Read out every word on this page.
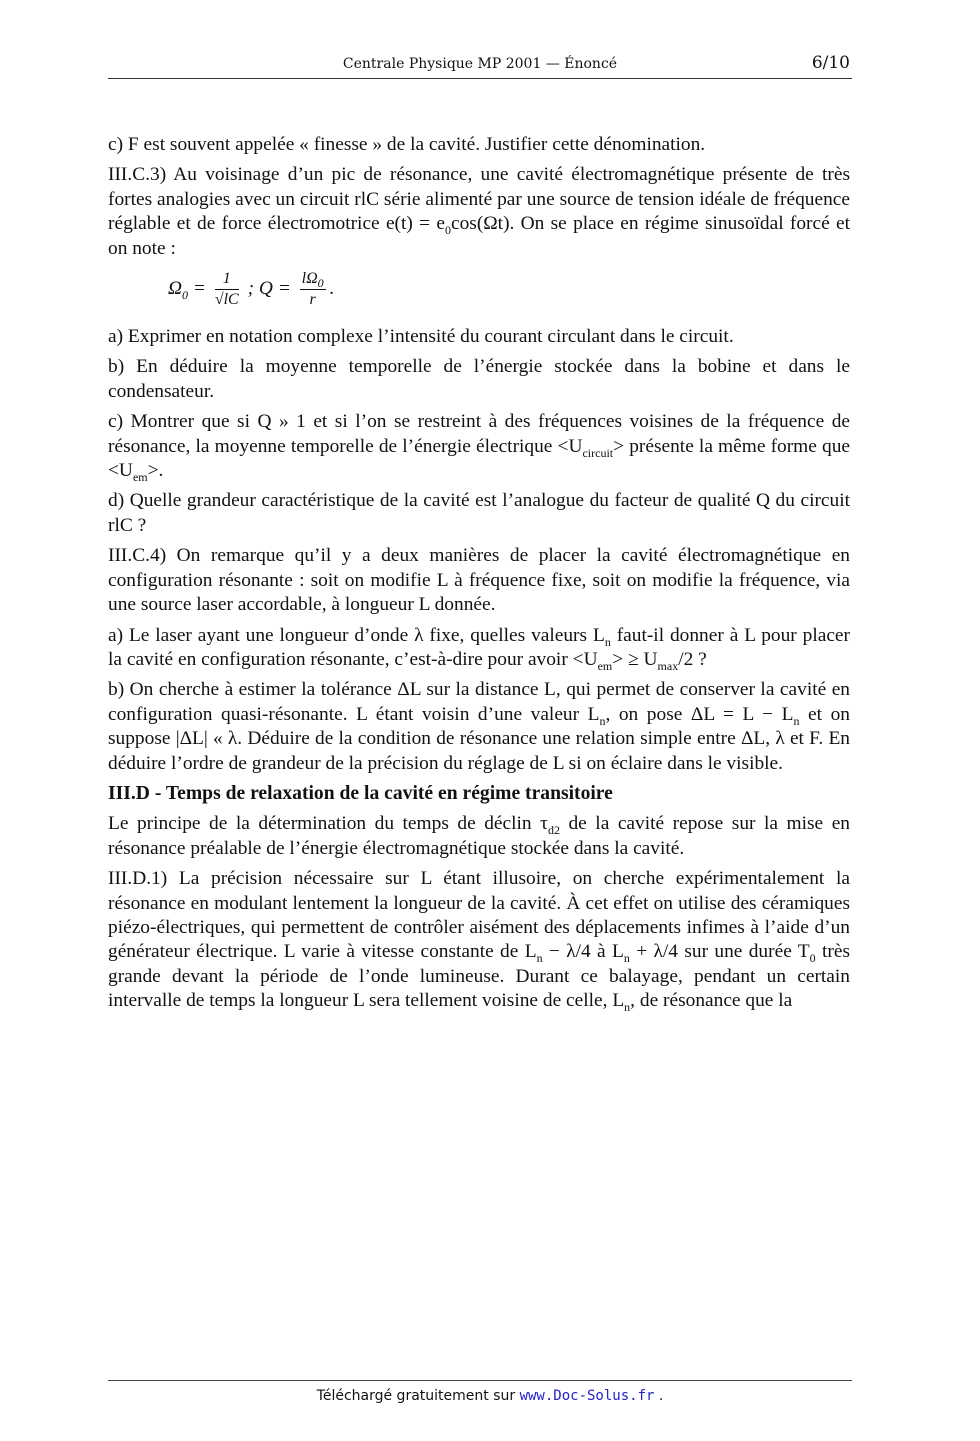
Centrale Physique MP 2001 — Énoncé	6/10

c) F est souvent appelée « finesse » de la cavité. Justifier cette dénomination.

III.C.3) Au voisinage d’un pic de résonance, une cavité électromagnétique présente de très fortes analogies avec un circuit rlC série alimenté par une source de tension idéale de fréquence réglable et de force électromotrice $e(t) = e_0\cos(\Omega t)$. On se place en régime sinusoïdal forcé et on note :

$\Omega_0 = \frac{1}{√lC}$ ; $Q = \frac{l\Omega_0}{r}$ .

a) Exprimer en notation complexe l’intensité du courant circulant dans le circuit.

b) En déduire la moyenne temporelle de l’énergie stockée dans la bobine et dans le condensateur.

c) Montrer que si Q » 1 et si l’on se restreint à des fréquences voisines de la fréquence de résonance, la moyenne temporelle de l’énergie électrique $<U_{circuit}>$ présente la même forme que $<U_{em}>$.

d) Quelle grandeur caractéristique de la cavité est l’analogue du facteur de qualité Q du circuit rlC ?

III.C.4) On remarque qu’il y a deux manières de placer la cavité électromagnétique en configuration résonante : soit on modifie L à fréquence fixe, soit on modifie la fréquence, via une source laser accordable, à longueur L donnée.

a) Le laser ayant une longueur d’onde λ fixe, quelles valeurs $L_n$ faut-il donner à L pour placer la cavité en configuration résonante, c’est-à-dire pour avoir $<U_{em}> \ge U_{max}/2$ ?

b) On cherche à estimer la tolérance ΔL sur la distance L, qui permet de conserver la cavité en configuration quasi-résonante. L étant voisin d’une valeur $L_n$, on pose $\Delta L = L - L_n$ et on suppose |ΔL| « λ. Déduire de la condition de résonance une relation simple entre ΔL, λ et F. En déduire l’ordre de grandeur de la précision du réglage de L si on éclaire dans le visible.

III.D - Temps de relaxation de la cavité en régime transitoire

Le principe de la détermination du temps de déclin $\tau_{d2}$ de la cavité repose sur la mise en résonance préalable de l’énergie électromagnétique stockée dans la cavité.

III.D.1) La précision nécessaire sur L étant illusoire, on cherche expérimentalement la résonance en modulant lentement la longueur de la cavité. À cet effet on utilise des céramiques piézo-électriques, qui permettent de contrôler aisément des déplacements infimes à l’aide d’un générateur électrique. L varie à vitesse constante de $L_n - \lambda/4$ à $L_n + \lambda/4$ sur une durée $T_0$ très grande devant la période de l’onde lumineuse. Durant ce balayage, pendant un certain intervalle de temps la longueur L sera tellement voisine de celle, $L_n$, de résonance que la

Téléchargé gratuitement sur www.Doc-Solus.fr .
